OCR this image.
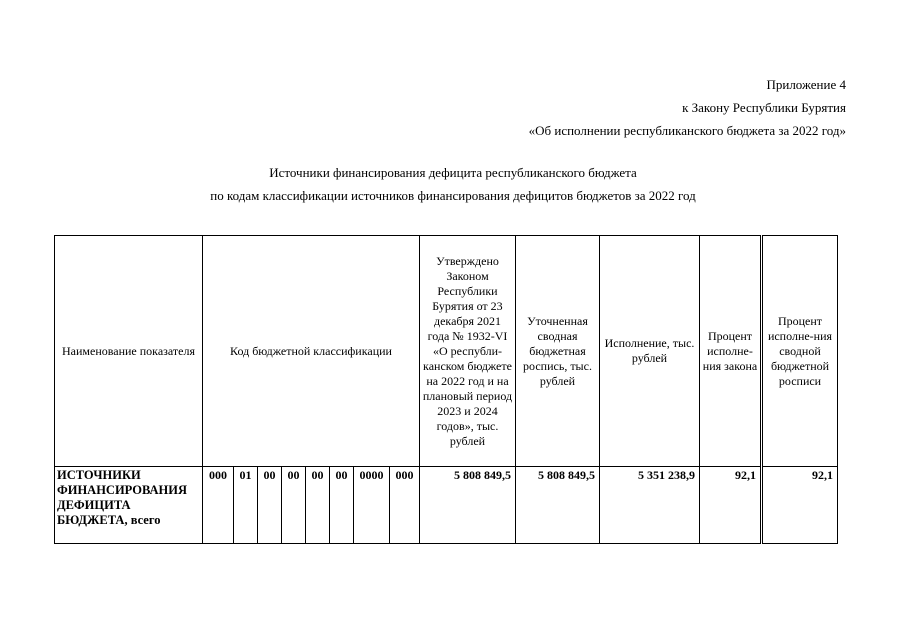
Приложение 4
к Закону Республики Бурятия
«Об исполнении республиканского бюджета за 2022 год»
Источники финансирования дефицита республиканского бюджета
по кодам классификации источников финансирования дефицитов бюджетов за 2022 год
Наименование показателя	Код бюджетной классификации								Утверждено Законом Республики Бурятия от 23 декабря 2021 года № 1932-VI «О республи-канском бюджете на 2022 год и на плановый период 2023 и 2024 годов», тыс. рублей	Уточненная сводная бюджетная роспись, тыс. рублей	Исполнение, тыс. рублей	Процент исполне-ния закона	Процент исполне-ния сводной бюджетной росписи
ИСТОЧНИКИ ФИНАНСИРОВАНИЯ ДЕФИЦИТА БЮДЖЕТА, всего	000	01	00	00	00	00	0000	000	5 808 849,5	5 808 849,5	5 351 238,9	92,1	92,1
